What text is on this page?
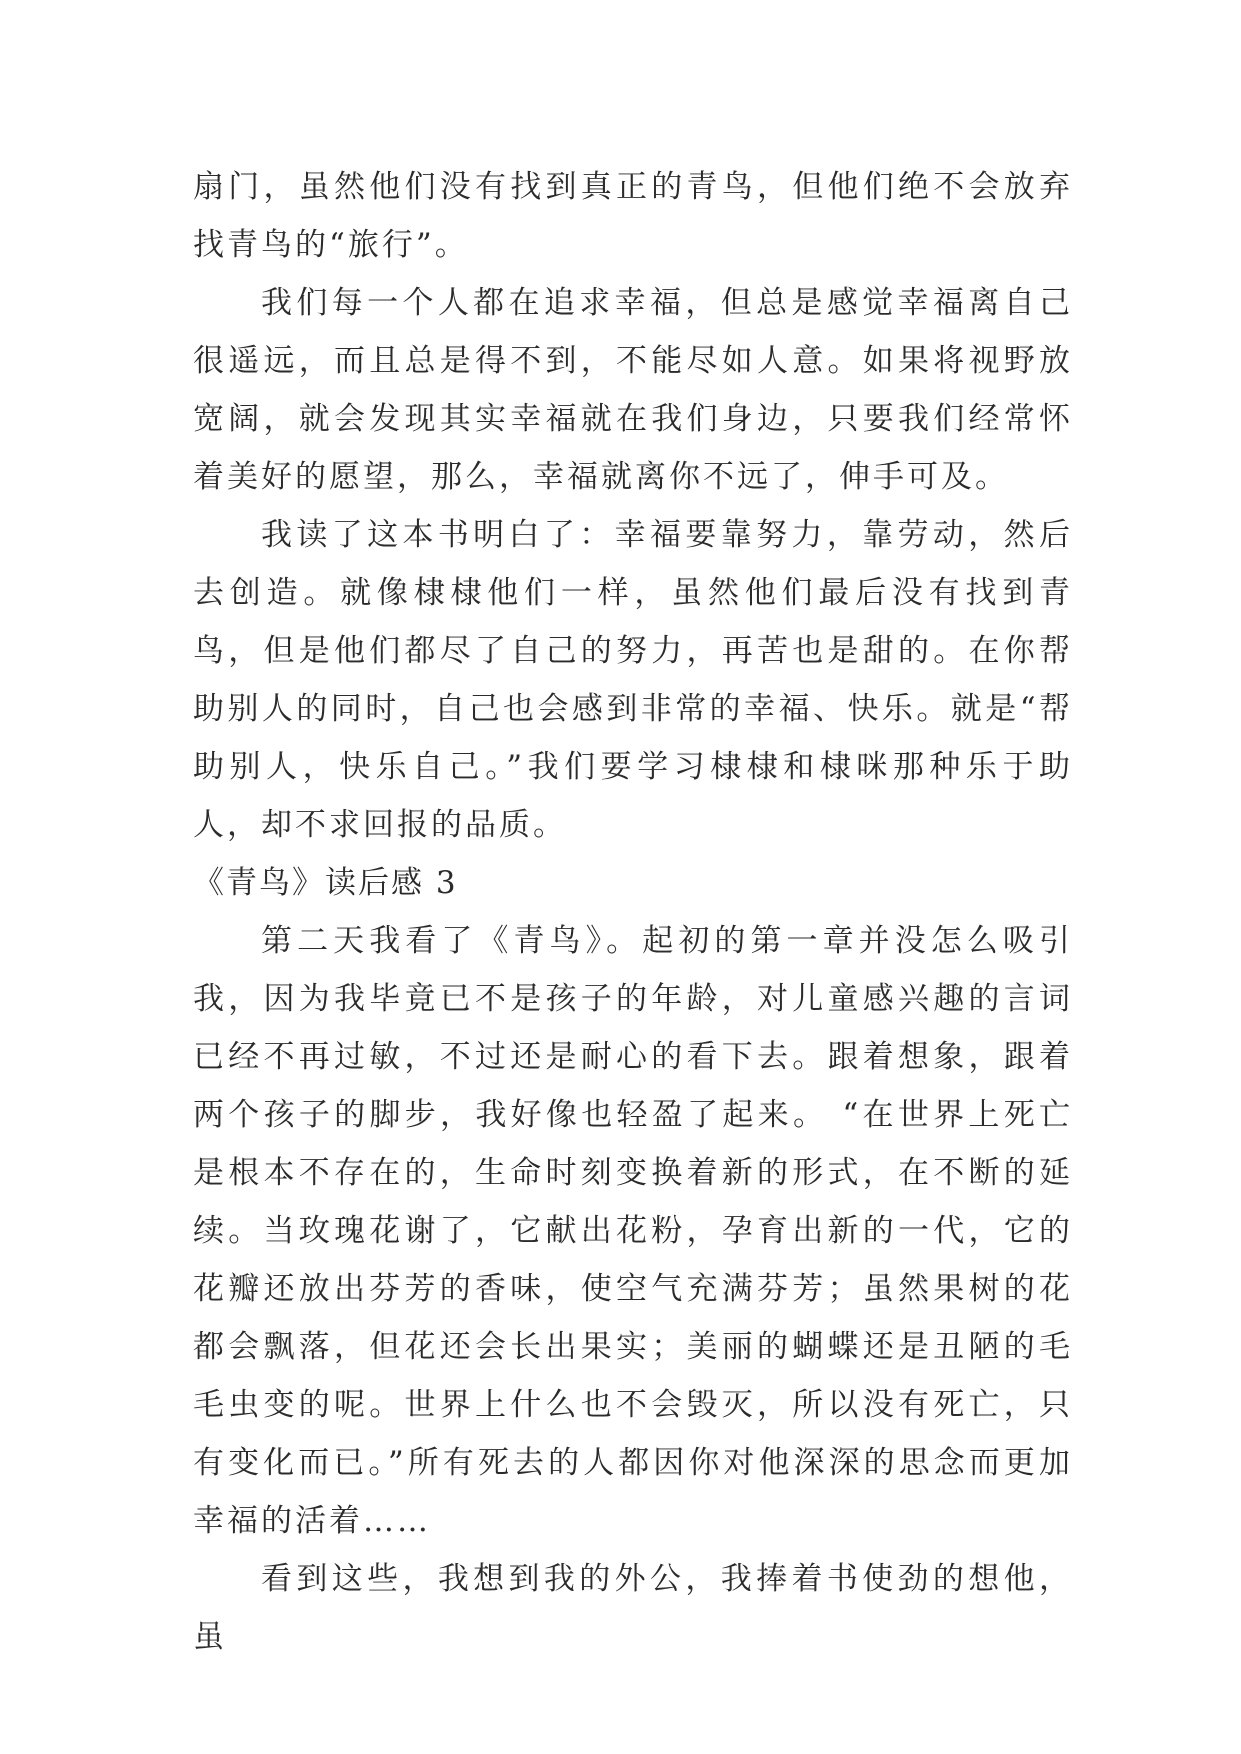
扇门，虽然他们没有找到真正的青鸟，但他们绝不会放弃找青鸟的“旅行”。

我们每一个人都在追求幸福，但总是感觉幸福离自己很遥远，而且总是得不到，不能尽如人意。如果将视野放宽阔，就会发现其实幸福就在我们身边，只要我们经常怀着美好的愿望，那么，幸福就离你不远了，伸手可及。

我读了这本书明白了：幸福要靠努力，靠劳动，然后去创造。就像棣棣他们一样，虽然他们最后没有找到青鸟，但是他们都尽了自己的努力，再苦也是甜的。在你帮助别人的同时，自己也会感到非常的幸福、快乐。就是“帮助别人，快乐自己。”我们要学习棣棣和棣咪那种乐于助人，却不求回报的品质。

《青鸟》读后感 3

第二天我看了《青鸟》。起初的第一章并没怎么吸引我，因为我毕竟已不是孩子的年龄，对儿童感兴趣的言词已经不再过敏，不过还是耐心的看下去。跟着想象，跟着两个孩子的脚步，我好像也轻盈了起来。 “在世界上死亡是根本不存在的，生命时刻变换着新的形式，在不断的延续。当玫瑰花谢了，它献出花粉，孕育出新的一代，它的花瓣还放出芬芳的香味，使空气充满芬芳；虽然果树的花都会飘落，但花还会长出果实；美丽的蝴蝶还是丑陋的毛毛虫变的呢。世界上什么也不会毁灭，所以没有死亡，只有变化而已。”所有死去的人都因你对他深深的思念而更加幸福的活着……

看到这些，我想到我的外公，我捧着书使劲的想他，虽
